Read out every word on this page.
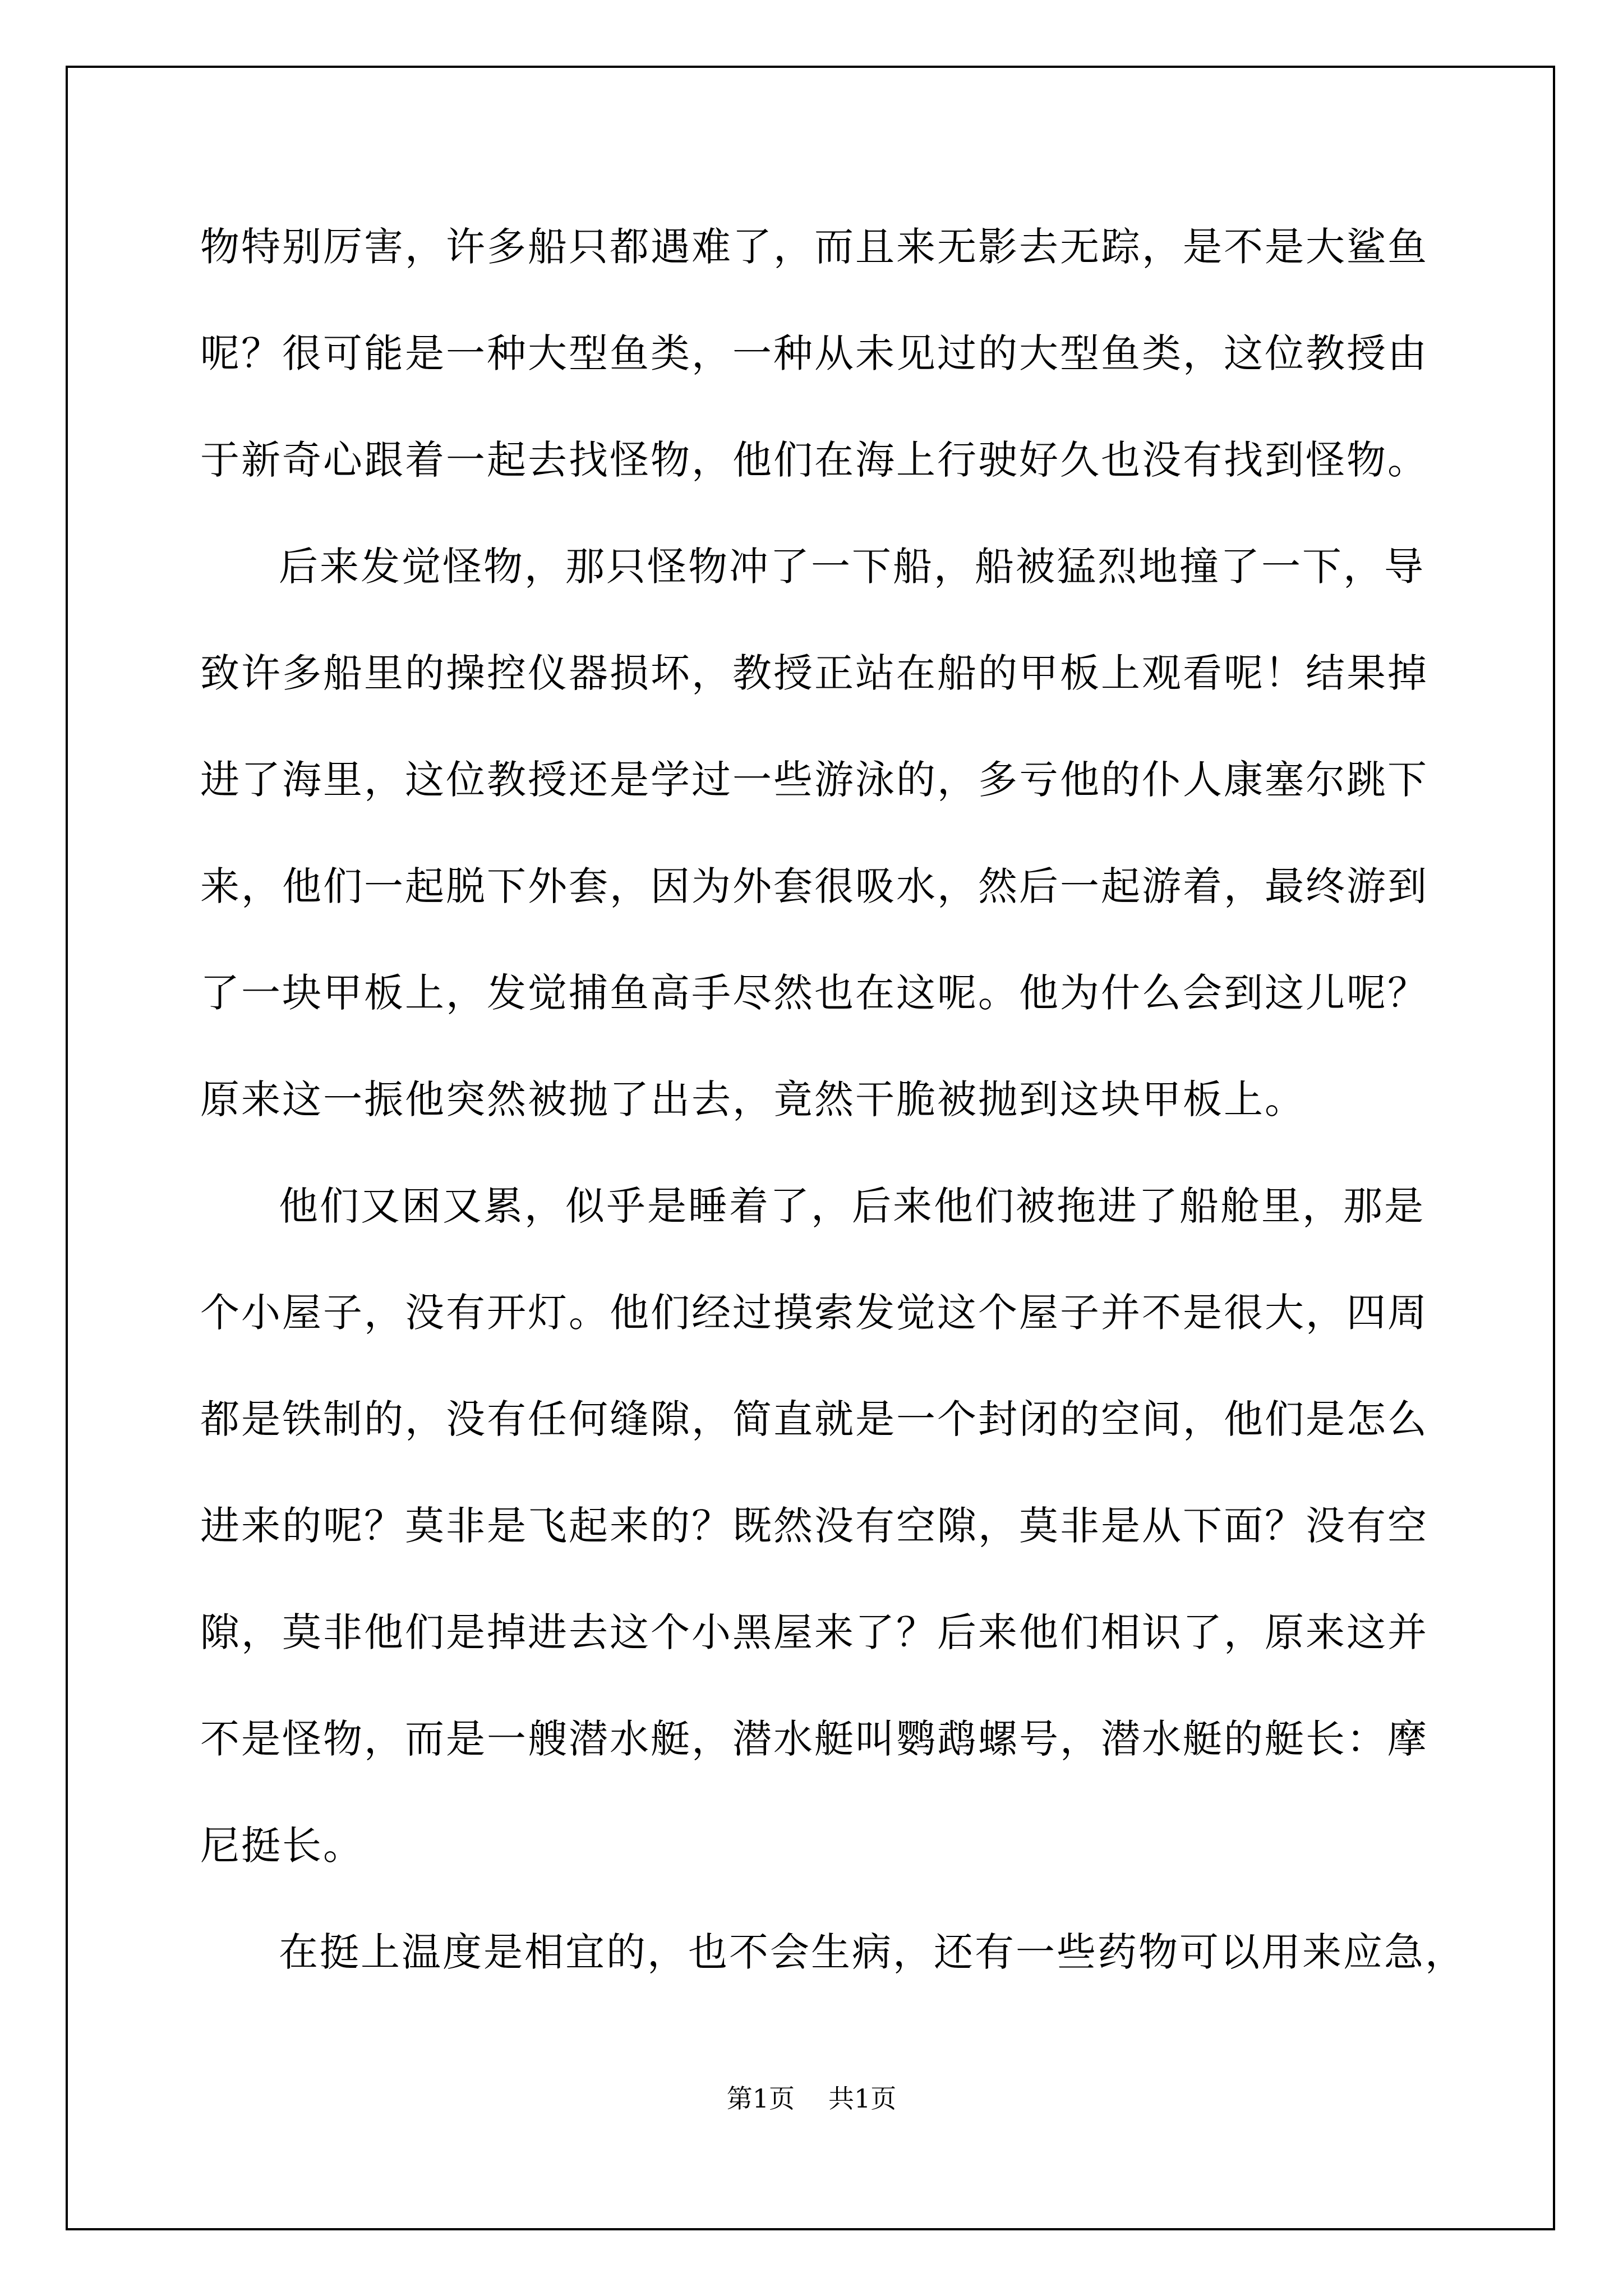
物特别厉害，许多船只都遇难了，而且来无影去无踪，是不是大鲨鱼
呢？很可能是一种大型鱼类，一种从未见过的大型鱼类，这位教授由
于新奇心跟着一起去找怪物，他们在海上行驶好久也没有找到怪物。
后来发觉怪物，那只怪物冲了一下船，船被猛烈地撞了一下，导
致许多船里的操控仪器损坏，教授正站在船的甲板上观看呢！结果掉
进了海里，这位教授还是学过一些游泳的，多亏他的仆人康塞尔跳下
来，他们一起脱下外套，因为外套很吸水，然后一起游着，最终游到
了一块甲板上，发觉捕鱼高手尽然也在这呢。他为什么会到这儿呢？
原来这一振他突然被抛了出去，竟然干脆被抛到这块甲板上。
他们又困又累，似乎是睡着了，后来他们被拖进了船舱里，那是
个小屋子，没有开灯。他们经过摸索发觉这个屋子并不是很大，四周
都是铁制的，没有任何缝隙，简直就是一个封闭的空间，他们是怎么
进来的呢？莫非是飞起来的？既然没有空隙，莫非是从下面？没有空
隙，莫非他们是掉进去这个小黑屋来了？后来他们相识了，原来这并
不是怪物，而是一艘潜水艇，潜水艇叫鹦鹉螺号，潜水艇的艇长：摩
尼挺长。
在挺上温度是相宜的，也不会生病，还有一些药物可以用来应急，
第1页 共1页
